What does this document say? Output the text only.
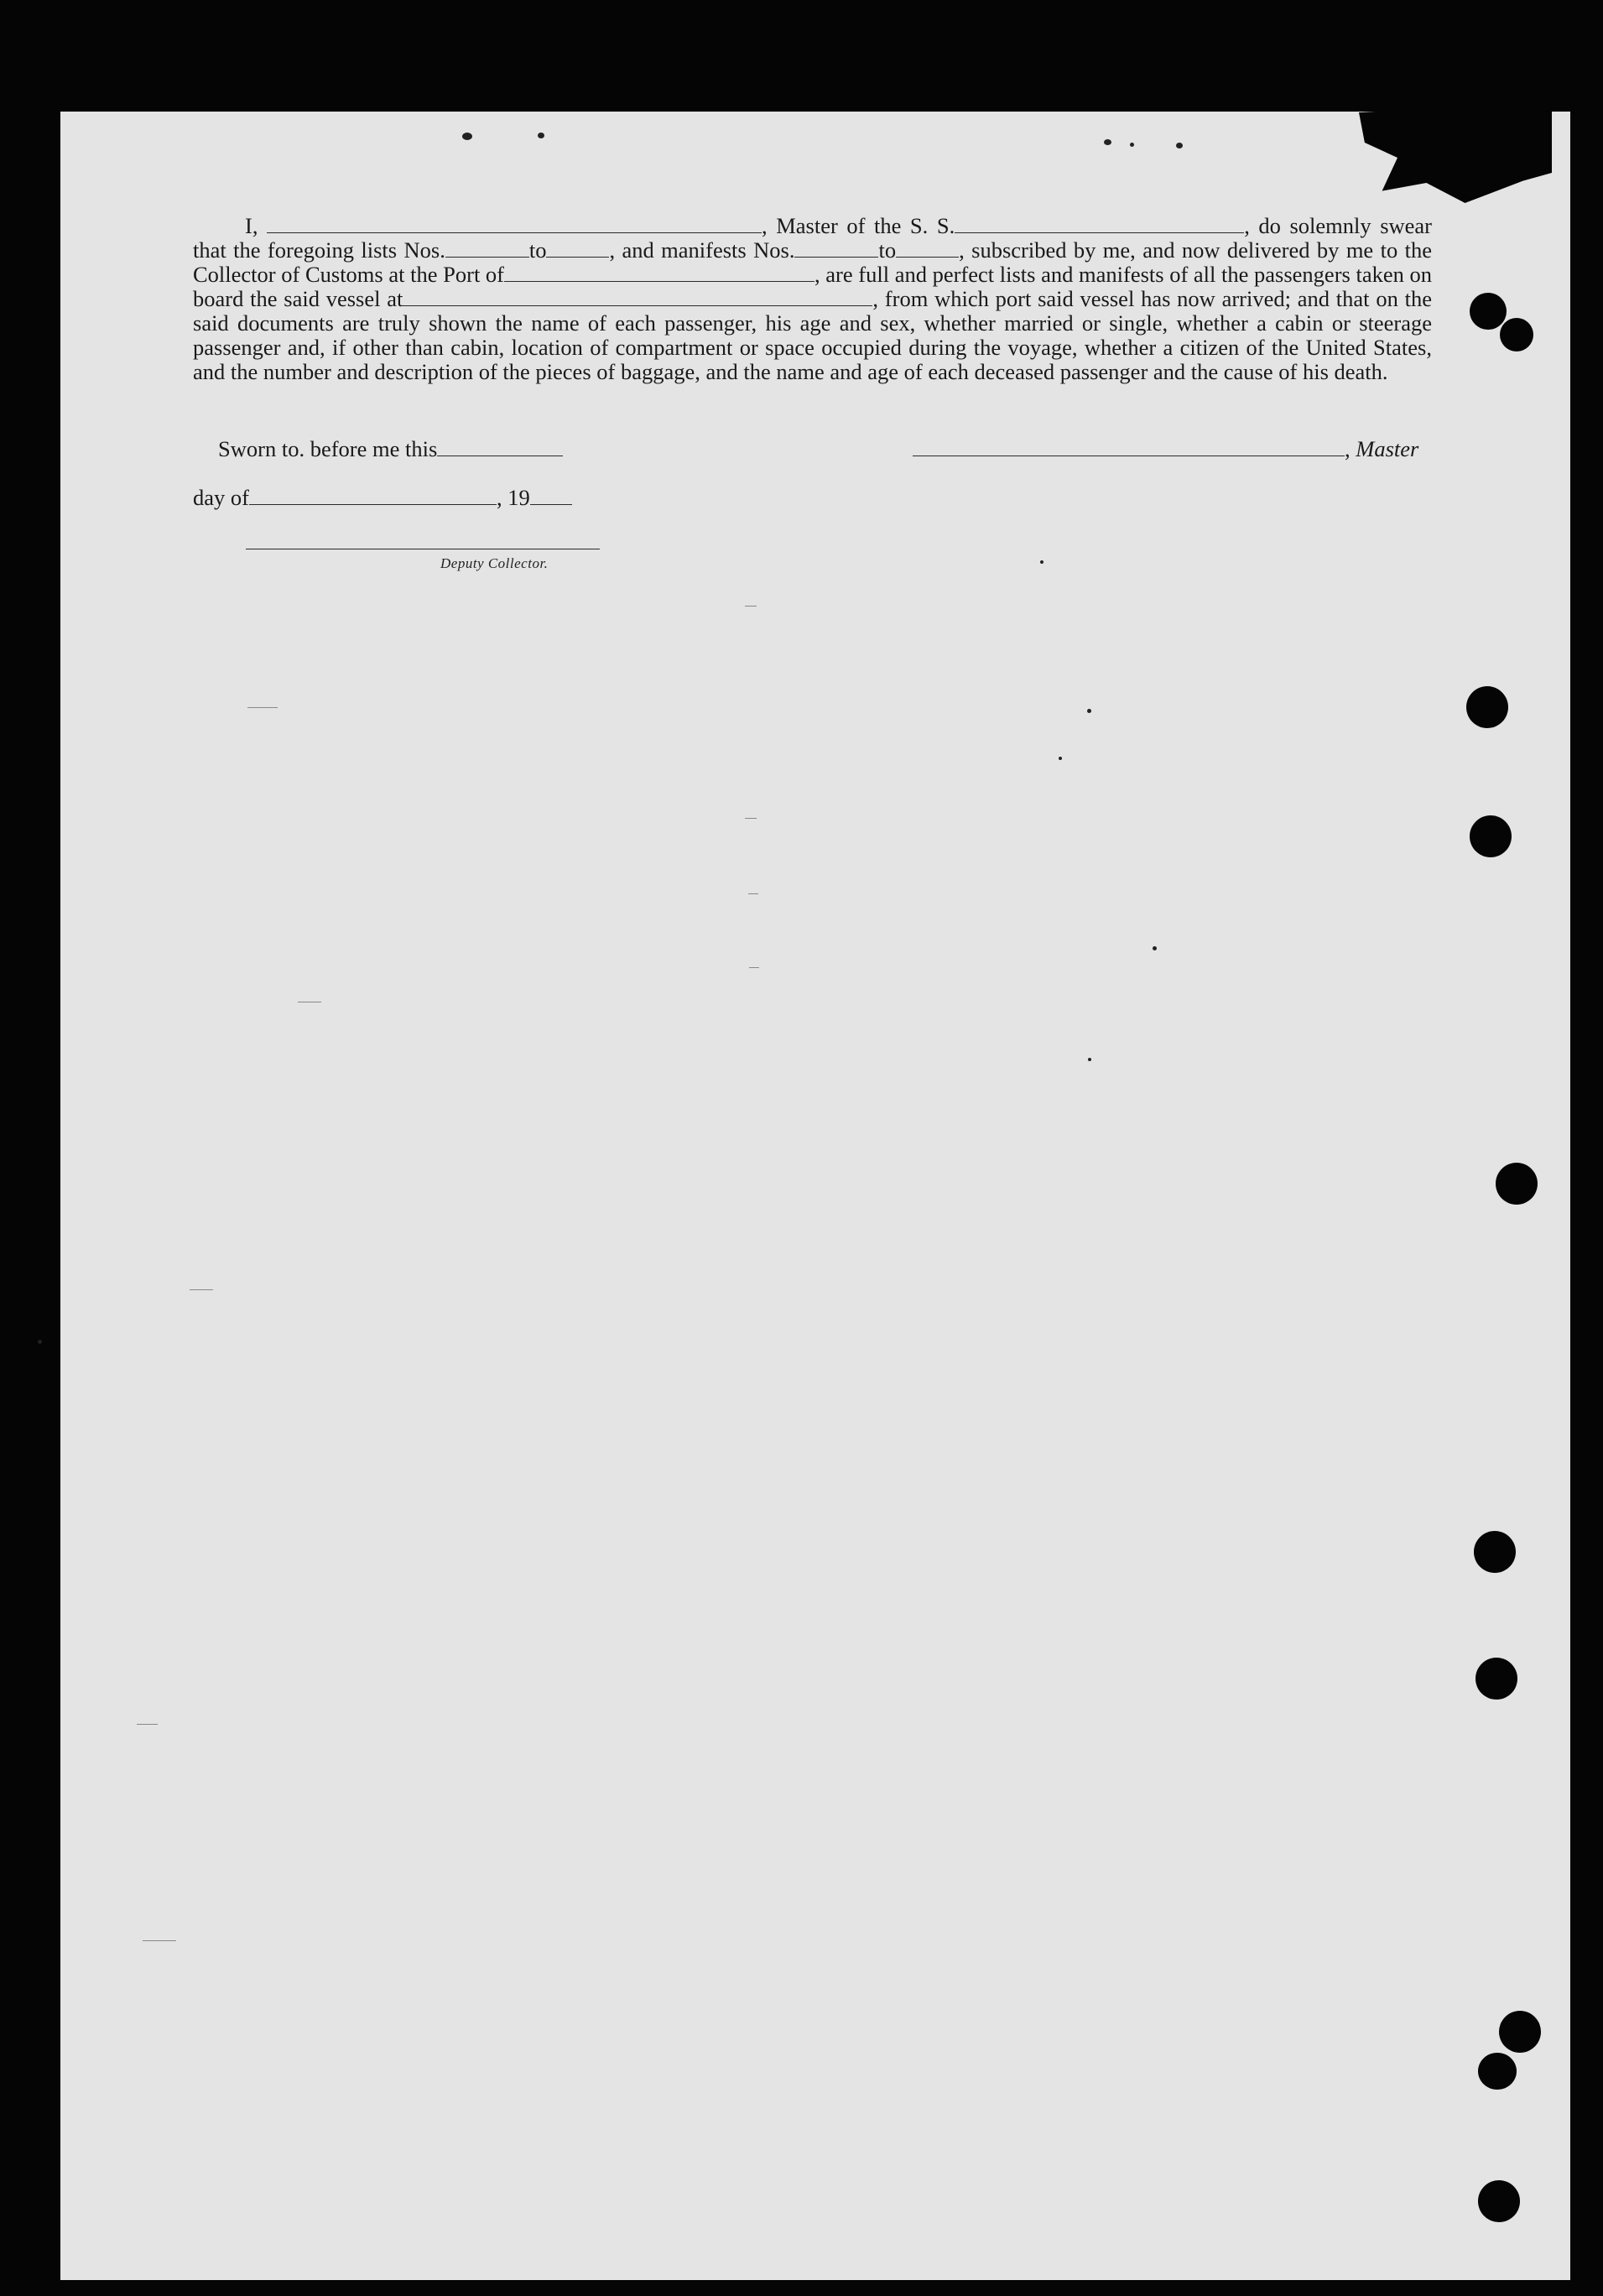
I,	, Master of the S. S.	, do solemnly swear that the foregoing lists Nos.	to	, and manifests Nos.	to	, subscribed by me, and now delivered by me to the Collector of Customs at the Port of	, are full and perfect lists and manifests of all the passengers taken on board the said vessel at	, from which port said vessel has now arrived; and that on the said documents are truly shown the name of each passenger, his age and sex, whether married or single, whether a cabin or steerage passenger and, if other than cabin, location of compartment or space occupied during the voyage, whether a citizen of the United States, and the number and description of the pieces of baggage, and the name and age of each deceased passenger and the cause of his death.

Sworn to. before me this	, Master
day of	, 19
Deputy Collector.
